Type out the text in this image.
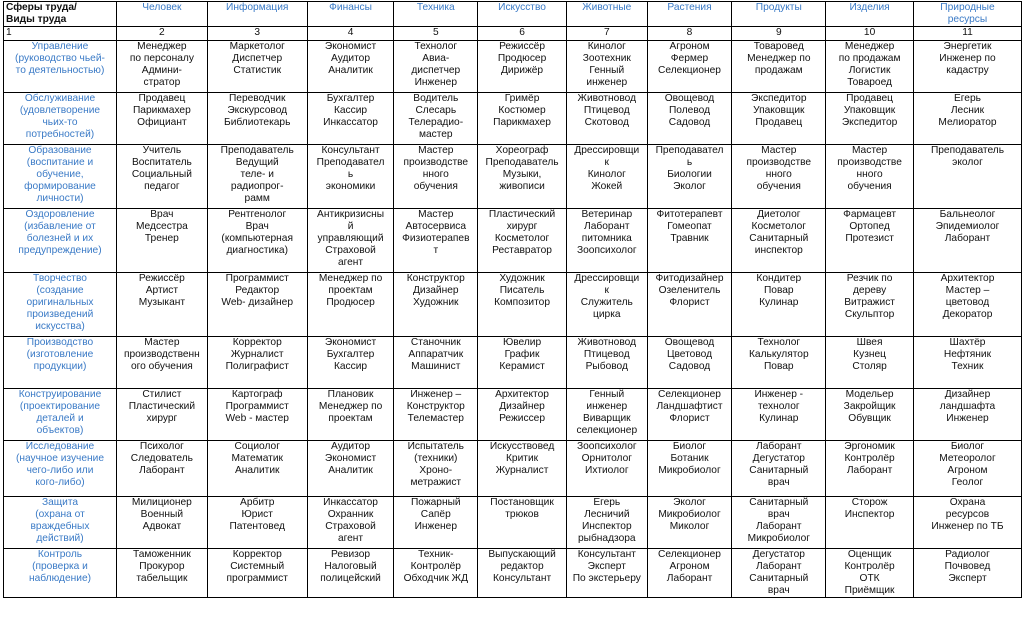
Сферы труда/
Виды труда	Человек	Информация	Финансы	Техника	Искусство	Животные	Растения	Продукты	Изделия	Природные
ресурсы
1	2	3	4	5	6	7	8	9	10	11
Управление
(руководство чьей-
то деятельностью)	Менеджер
по персоналу
Админи-
стратор	Маркетолог
Диспетчер
Статистик	Экономист
Аудитор
Аналитик	Технолог
Авиа-
диспетчер
Инженер	Режиссёр
Продюсер
Дирижёр	Кинолог
Зоотехник
Генный
инженер	Агроном
Фермер
Селекционер	Товаровед
Менеджер по
продажам	Менеджер
по продажам
Логистик
Товароед	Энергетик
Инженер по
кадастру
Обслуживание
(удовлетворение
чьих-то
потребностей)	Продавец
Парикмахер
Официант	Переводчик
Экскурсовод
Библиотекарь	Бухгалтер
Кассир
Инкассатор	Водитель
Слесарь
Телерадио-
мастер	Гримёр
Костюмер
Парикмахер	Животновод
Птицевод
Скотовод	Овощевод
Полевод
Садовод	Экспедитор
Упаковщик
Продавец	Продавец
Упаковщик
Экспедитор	Егерь
Лесник
Мелиоратор
Образование
(воспитание и
обучение,
формирование
личности)	Учитель
Воспитатель
Социальный
педагог	Преподаватель
Ведущий
теле- и
радиопрог-
рамм	Консультант
Преподавател
ь
экономики	Мастер
производстве
нного
обучения	Хореограф
Преподаватель
Музыки,
живописи	Дрессировщи
к
Кинолог
Жокей	Преподавател
ь
Биологии
Эколог	Мастер
производстве
нного
обучения	Мастер
производстве
нного
обучения	Преподаватель
эколог
Оздоровление
(избавление от
болезней и их
предупреждение)	Врач
Медсестра
Тренер	Рентгенолог
Врач
(компьютерная
диагностика)	Антикризисны
й
управляющий
Страховой
агент	Мастер
Автосервиса
Физиотерапев
т	Пластический
хирург
Косметолог
Реставратор	Ветеринар
Лаборант
питомника
Зоопсихолог	Фитотерапевт
Гомеопат
Травник	Диетолог
Косметолог
Санитарный
инспектор	Фармацевт
Ортопед
Протезист	Бальнеолог
Эпидемиолог
Лаборант
Творчество
(создание
оригинальных
произведений
искусства)	Режиссёр
Артист
Музыкант	Программист
Редактор
Web- дизайнер	Менеджер по
проектам
Продюсер	Конструктор
Дизайнер
Художник	Художник
Писатель
Композитор	Дрессировщи
к
Служитель
цирка	Фитодизайнер
Озеленитель
Флорист	Кондитер
Повар
Кулинар	Резчик по
дереву
Витражист
Скульптор	Архитектор
Мастер –
цветовод
Декоратор
Производство
(изготовление
продукции)	Мастер
производственн
ого обучения	Корректор
Журналист
Полиграфист	Экономист
Бухгалтер
Кассир	Станочник
Аппаратчик
Машинист	Ювелир
График
Керамист	Животновод
Птицевод
Рыбовод	Овощевод
Цветовод
Садовод	Технолог
Калькулятор
Повар	Швея
Кузнец
Столяр	Шахтёр
Нефтяник
Техник
Конструирование
(проектирование
деталей и
объектов)	Стилист
Пластический
хирург	Картограф
Программист
Web - мастер	Плановик
Менеджер по
проектам	Инженер –
Конструктор
Телемастер	Архитектор
Дизайнер
Режиссер	Генный
инженер
Виварщик
селекционер	Селекционер
Ландшафтист
Флорист	Инженер -
технолог
Кулинар	Модельер
Закройщик
Обувщик	Дизайнер
ландшафта
Инженер
Исследование
(научное изучение
чего-либо или
кого-либо)	Психолог
Следователь
Лаборант	Социолог
Математик
Аналитик	Аудитор
Экономист
Аналитик	Испытатель
(техники)
Хроно-
метражист	Искусствовед
Критик
Журналист	Зоопсихолог
Орнитолог
Ихтиолог	Биолог
Ботаник
Микробиолог	Лаборант
Дегустатор
Санитарный
врач	Эргономик
Контролёр
Лаборант	Биолог
Метеоролог
Агроном
Геолог
Защита
(охрана от
враждебных
действий)	Милиционер
Военный
Адвокат	Арбитр
Юрист
Патентовед	Инкассатор
Охранник
Страховой
агент	Пожарный
Сапёр
Инженер	Постановщик
трюков	Егерь
Лесничий
Инспектор
рыбнадзора	Эколог
Микробиолог
Миколог	Санитарный
врач
Лаборант
Микробиолог	Сторож
Инспектор	Охрана
ресурсов
Инженер по ТБ
Контроль
(проверка и
наблюдение)	Таможенник
Прокурор
табельщик	Корректор
Системный
программист	Ревизор
Налоговый
полицейский	Техник-
Контролёр
Обходчик ЖД	Выпускающий
редактор
Консультант	Консультант
Эксперт
По экстерьеру	Селекционер
Агроном
Лаборант	Дегустатор
Лаборант
Санитарный
врач	Оценщик
Контролёр
ОТК
Приёмщик	Радиолог
Почвовед
Эксперт
